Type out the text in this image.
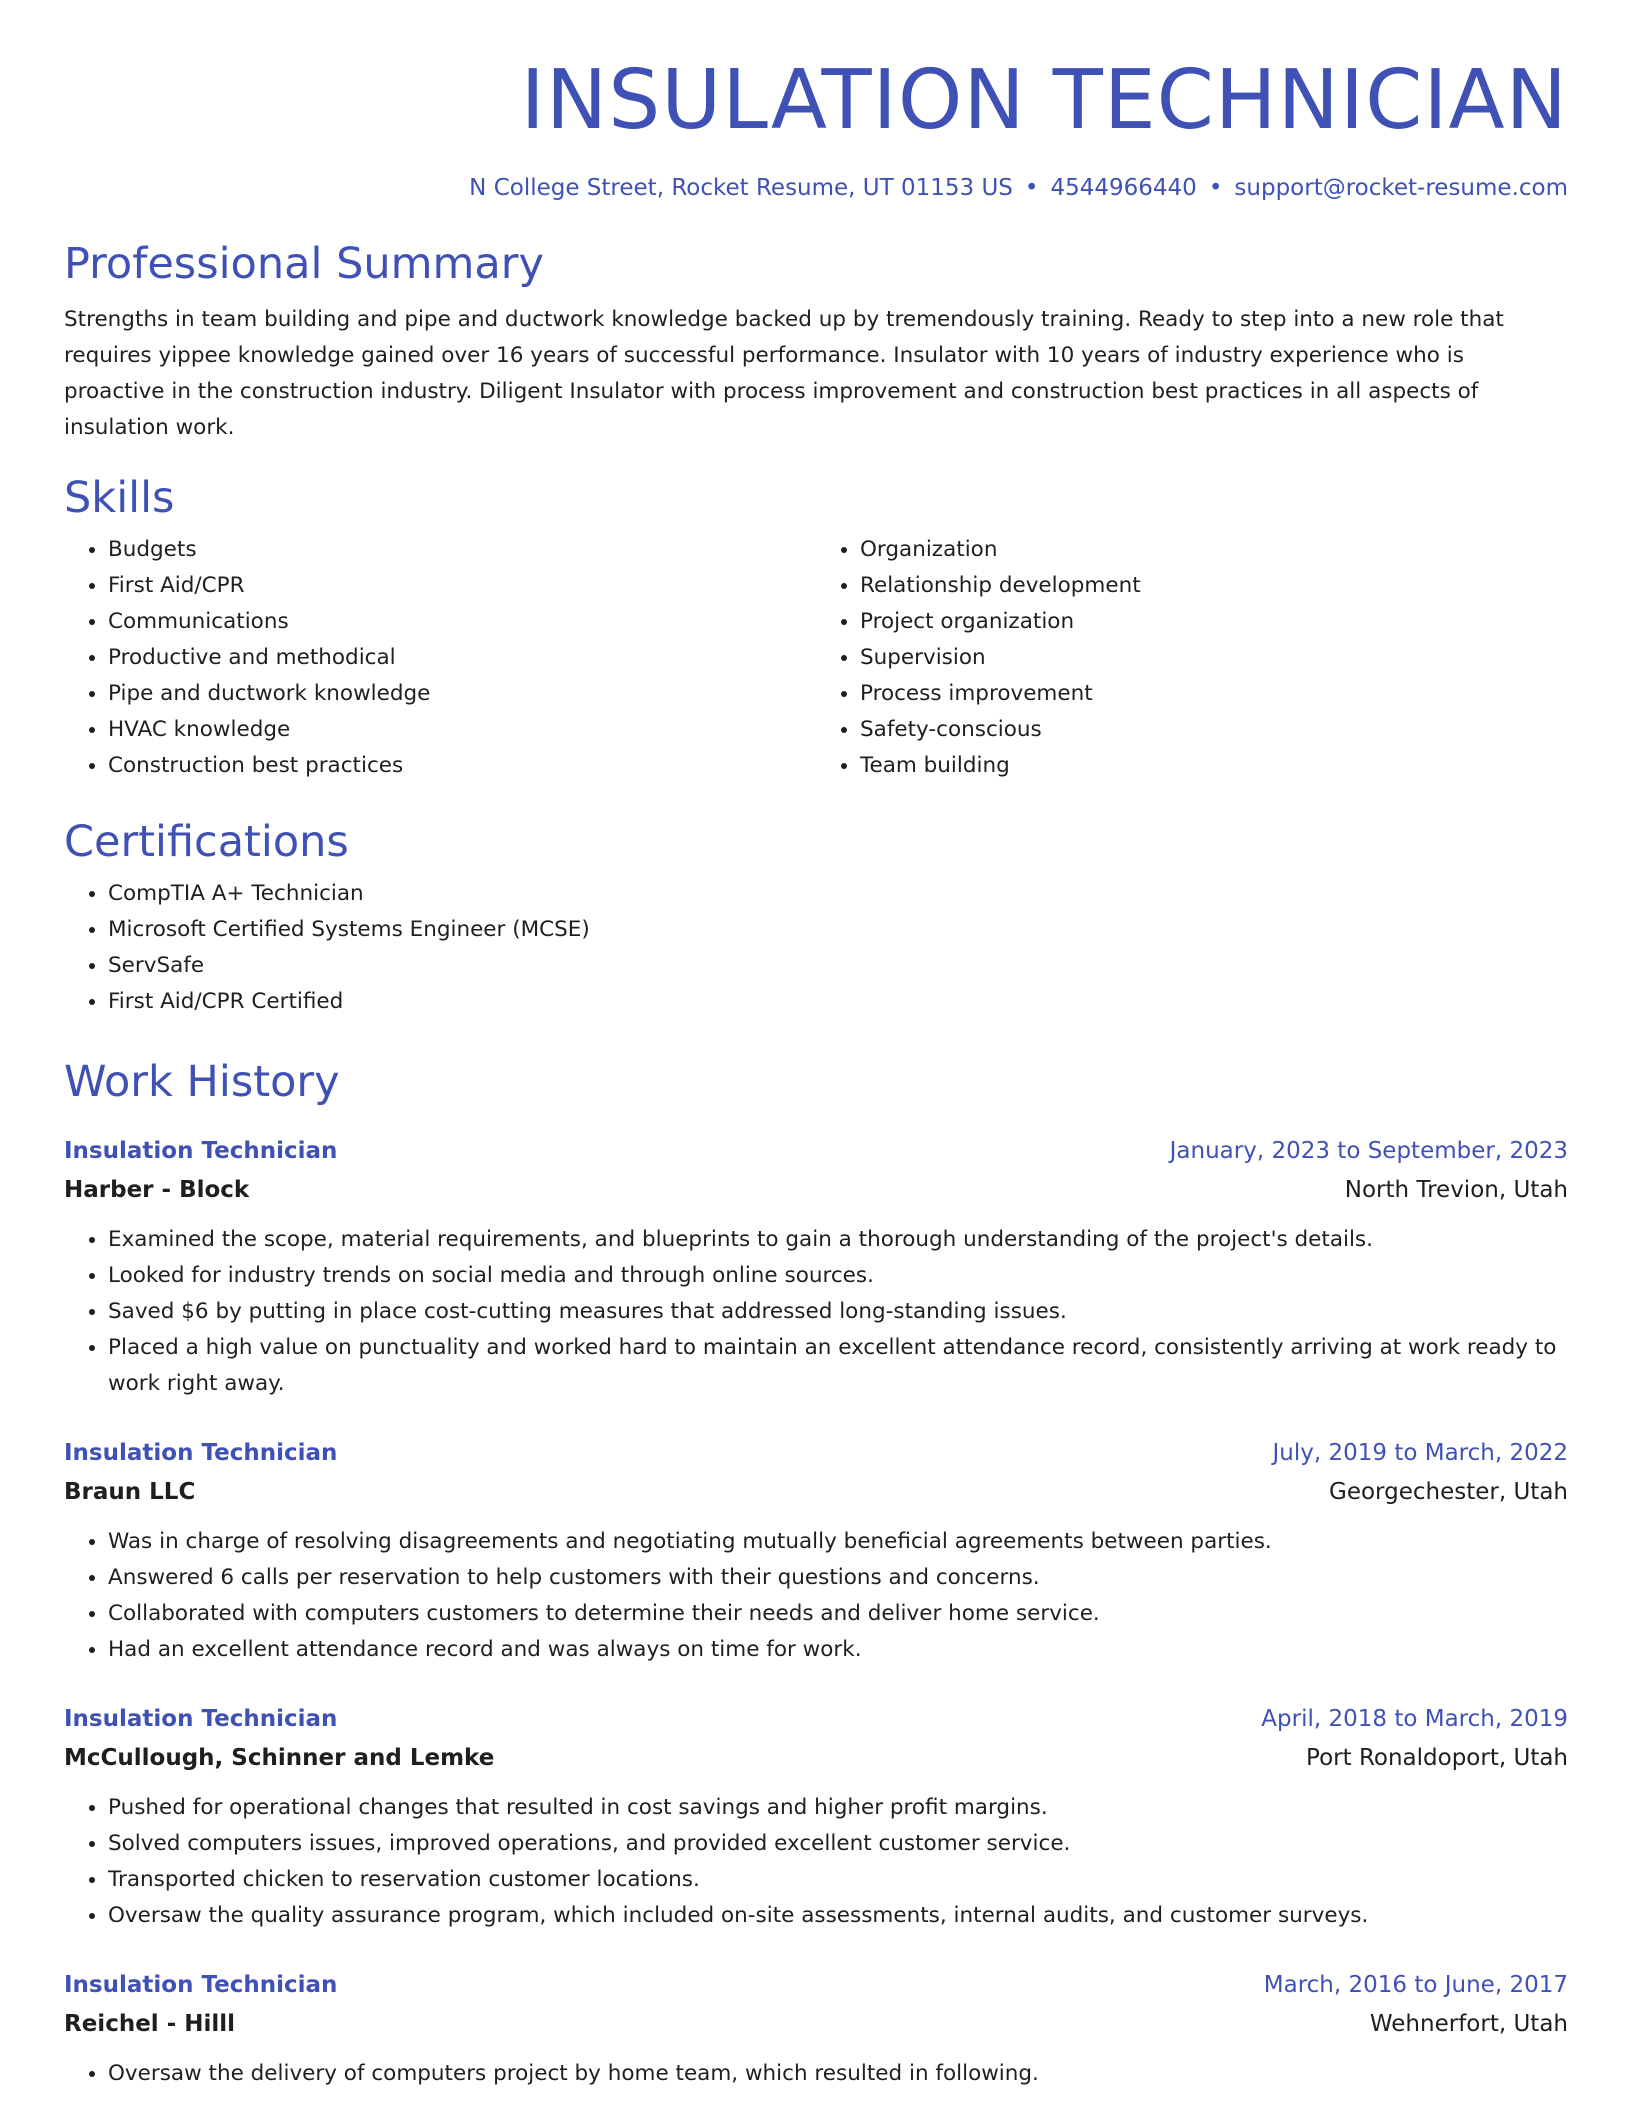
INSULATION TECHNICIAN
N College Street, Rocket Resume, UT 01153 US • 4544966440 • support@rocket-resume.com
Professional Summary

Strengths in team building and pipe and ductwork knowledge backed up by tremendously training. Ready to step into a new role that requires yippee knowledge gained over 16 years of successful performance. Insulator with 10 years of industry experience who is proactive in the construction industry. Diligent Insulator with process improvement and construction best practices in all aspects of insulation work.

Skills
• Budgets
• First Aid/CPR
• Communications
• Productive and methodical
• Pipe and ductwork knowledge
• HVAC knowledge
• Construction best practices
• Organization
• Relationship development
• Project organization
• Supervision
• Process improvement
• Safety-conscious
• Team building
Certifications
• CompTIA A+ Technician
• Microsoft Certified Systems Engineer (MCSE)
• ServSafe
• First Aid/CPR Certified
Work History
Insulation Technician	January, 2023 to September, 2023
Harber - Block	North Trevion, Utah
• Examined the scope, material requirements, and blueprints to gain a thorough understanding of the project's details.
• Looked for industry trends on social media and through online sources.
• Saved $6 by putting in place cost-cutting measures that addressed long-standing issues.
• Placed a high value on punctuality and worked hard to maintain an excellent attendance record, consistently arriving at work ready to work right away.
Insulation Technician	July, 2019 to March, 2022
Braun LLC	Georgechester, Utah
• Was in charge of resolving disagreements and negotiating mutually beneficial agreements between parties.
• Answered 6 calls per reservation to help customers with their questions and concerns.
• Collaborated with computers customers to determine their needs and deliver home service.
• Had an excellent attendance record and was always on time for work.
Insulation Technician	April, 2018 to March, 2019
McCullough, Schinner and Lemke	Port Ronaldoport, Utah
• Pushed for operational changes that resulted in cost savings and higher profit margins.
• Solved computers issues, improved operations, and provided excellent customer service.
• Transported chicken to reservation customer locations.
• Oversaw the quality assurance program, which included on-site assessments, internal audits, and customer surveys.
Insulation Technician	March, 2016 to June, 2017
Reichel - Hilll	Wehnerfort, Utah
• Oversaw the delivery of computers project by home team, which resulted in following.
